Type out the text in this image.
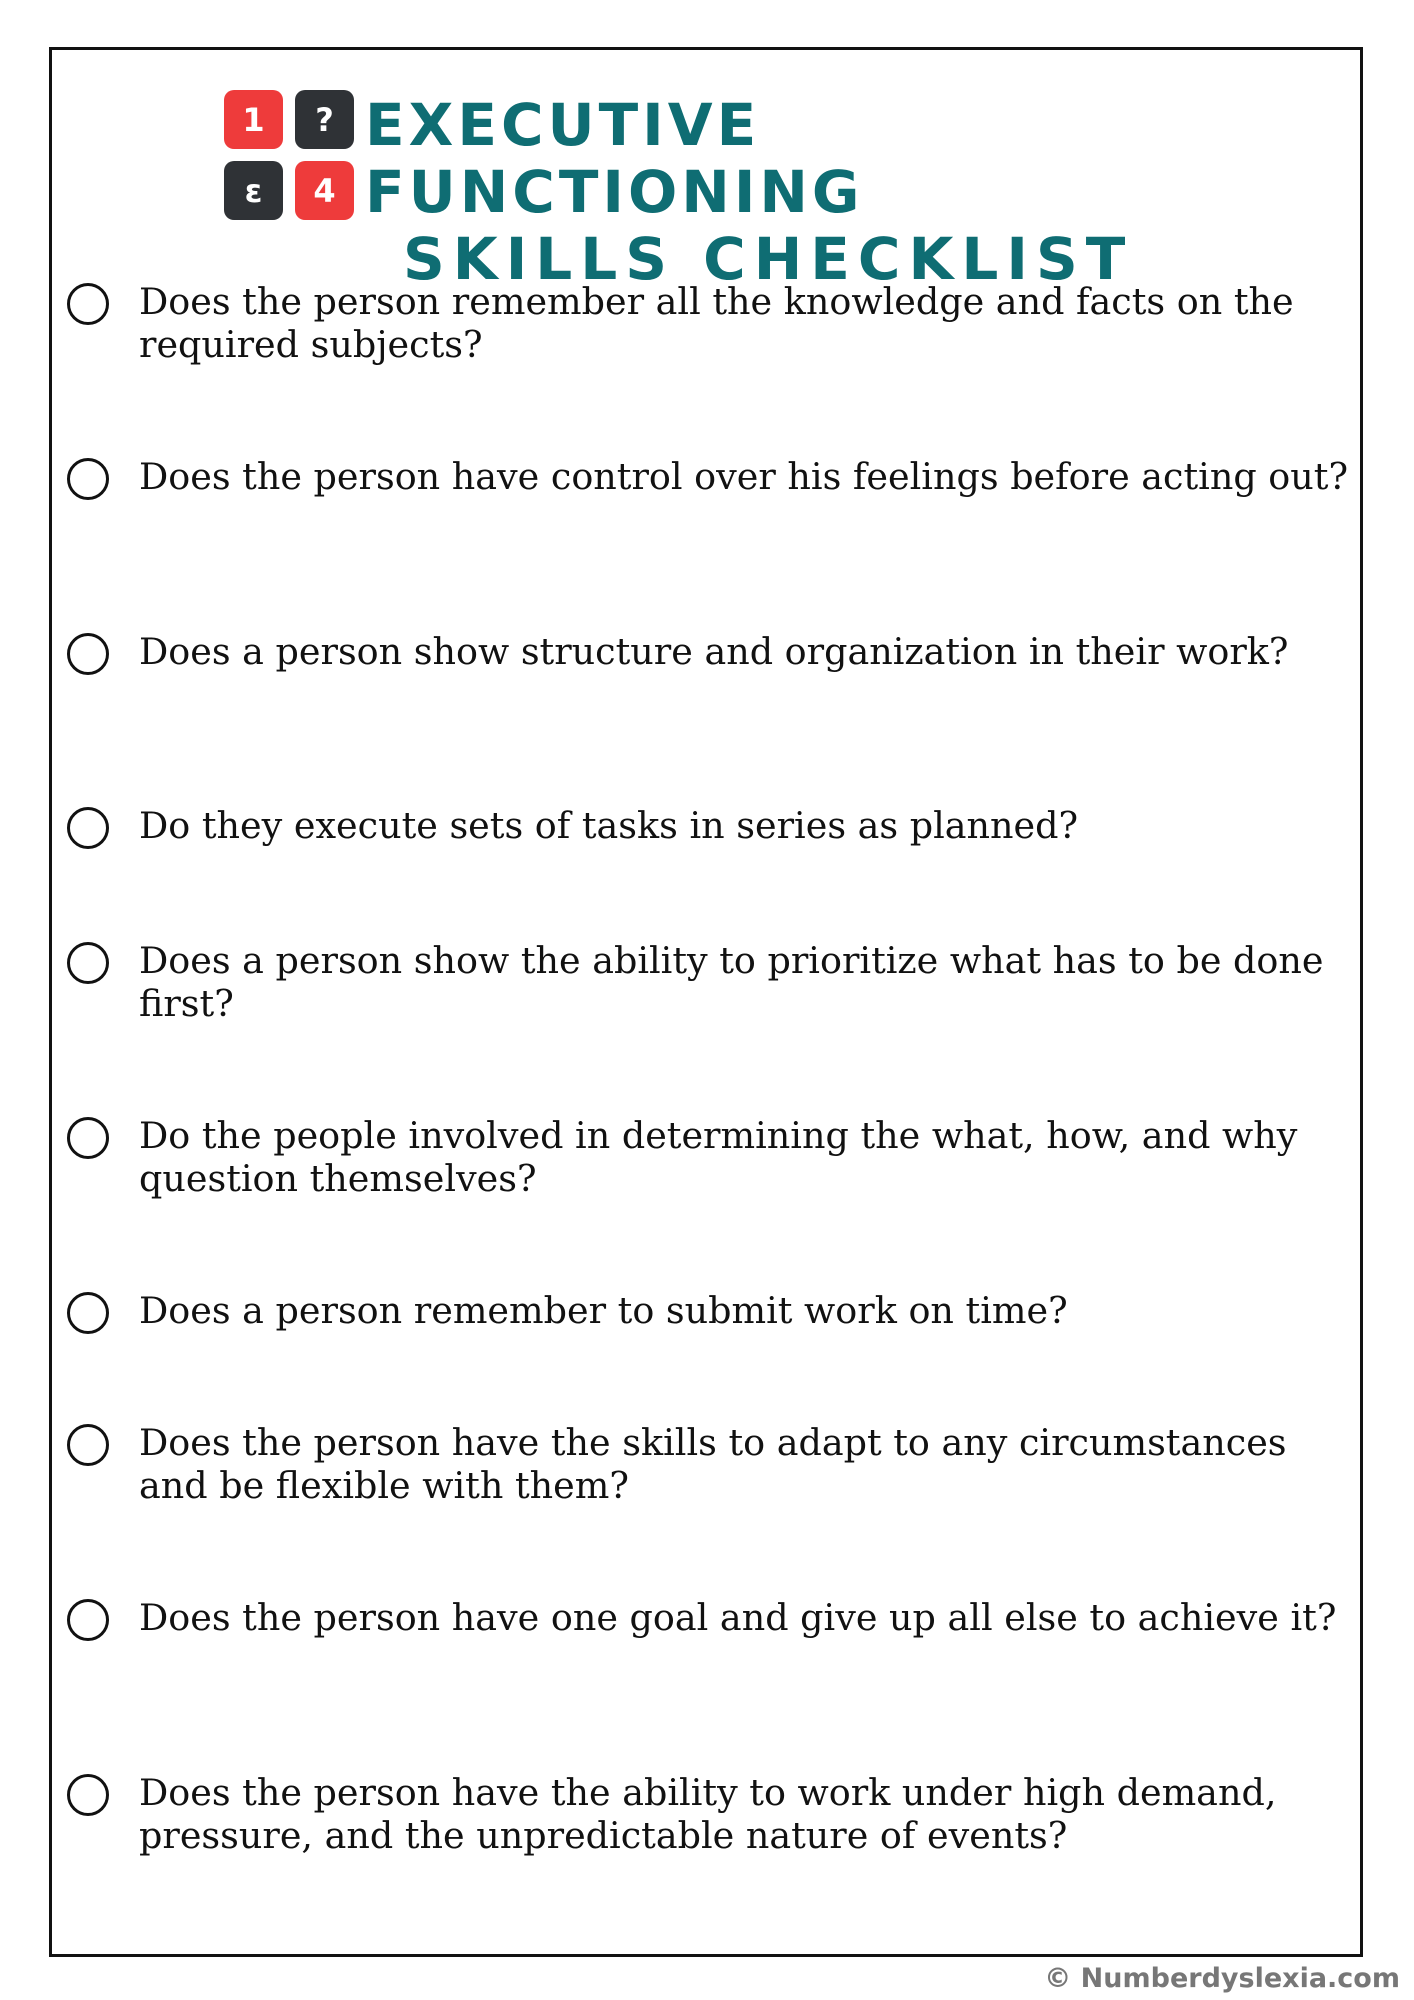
1 ?
ε 4
EXECUTIVE FUNCTIONING
SKILLS CHECKLIST
Does the person remember all the knowledge and facts on the required subjects?
Does the person have control over his feelings before acting out?
Does a person show structure and organization in their work?
Do they execute sets of tasks in series as planned?
Does a person show the ability to prioritize what has to be done first?
Do the people involved in determining the what, how, and why question themselves?
Does a person remember to submit work on time?
Does the person have the skills to adapt to any circumstances and be flexible with them?
Does the person have one goal and give up all else to achieve it?
Does the person have the ability to work under high demand, pressure, and the unpredictable nature of events?
© Numberdyslexia.com
